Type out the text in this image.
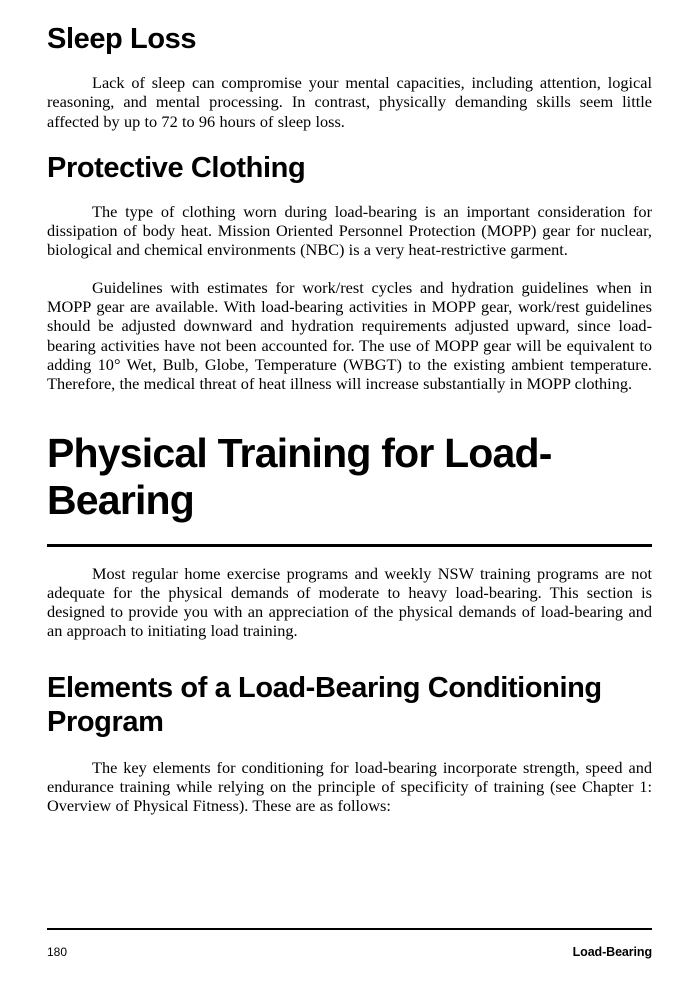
Sleep Loss

Lack of sleep can compromise your mental capacities, including attention, logical reasoning, and mental processing. In contrast, physically demanding skills seem little affected by up to 72 to 96 hours of sleep loss.

Protective Clothing

The type of clothing worn during load-bearing is an important consideration for dissipation of body heat. Mission Oriented Personnel Protection (MOPP) gear for nuclear, biological and chemical environments (NBC) is a very heat-restrictive garment.

Guidelines with estimates for work/rest cycles and hydration guidelines when in MOPP gear are available. With load-bearing activities in MOPP gear, work/rest guidelines should be adjusted downward and hydration requirements adjusted upward, since load-bearing activities have not been accounted for. The use of MOPP gear will be equivalent to adding 10° Wet, Bulb, Globe, Temperature (WBGT) to the existing ambient temperature. Therefore, the medical threat of heat illness will increase substantially in MOPP clothing.

Physical Training for Load-Bearing

Most regular home exercise programs and weekly NSW training programs are not adequate for the physical demands of moderate to heavy load-bearing. This section is designed to provide you with an appreciation of the physical demands of load-bearing and an approach to initiating load training.

Elements of a Load-Bearing Conditioning Program

The key elements for conditioning for load-bearing incorporate strength, speed and endurance training while relying on the principle of specificity of training (see Chapter 1: Overview of Physical Fitness). These are as follows:

180	Load-Bearing
